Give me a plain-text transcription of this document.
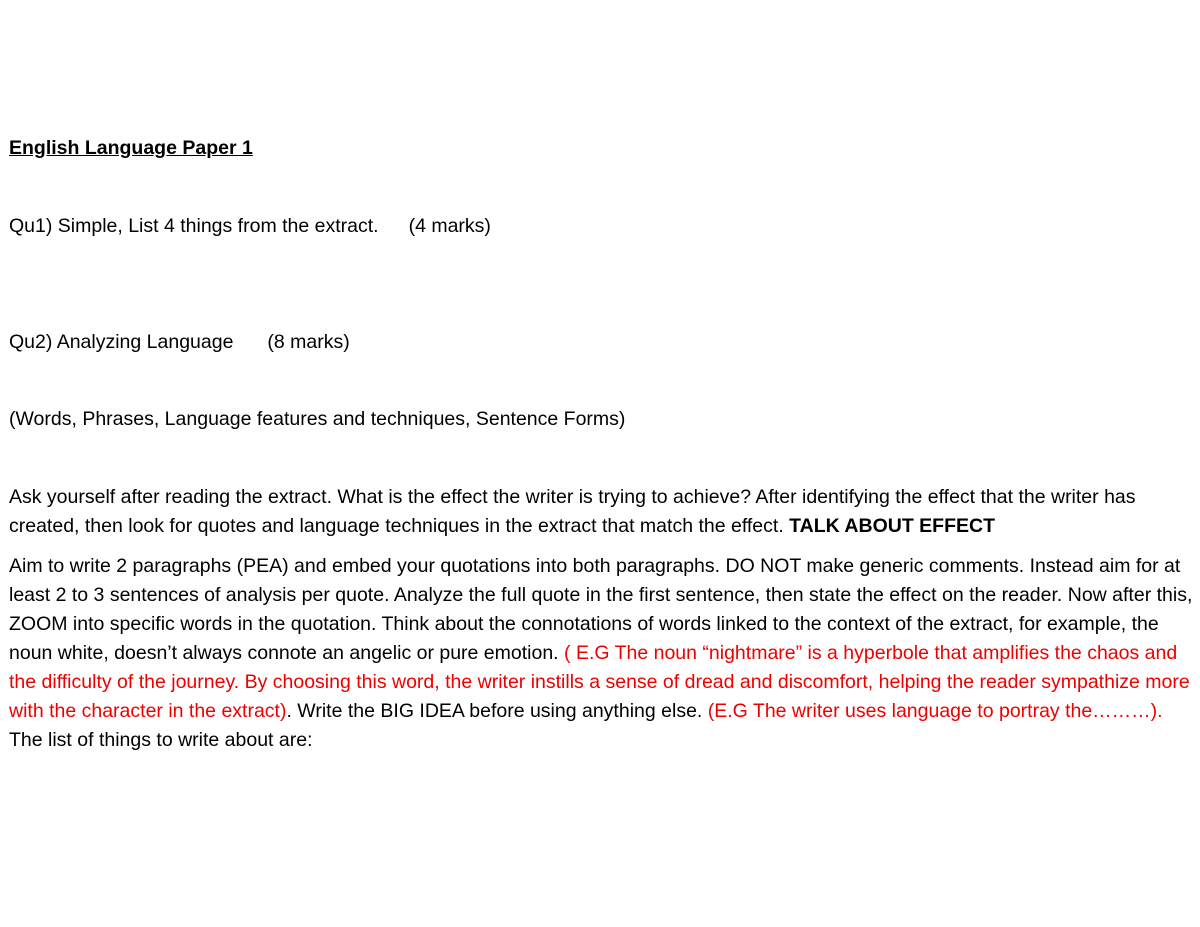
English Language Paper 1
Qu1) Simple, List 4 things from the extract. (4 marks)
Qu2) Analyzing Language (8 marks)
(Words, Phrases, Language features and techniques, Sentence Forms)

Ask yourself after reading the extract. What is the effect the writer is trying to achieve? After identifying the effect that the writer has created, then look for quotes and language techniques in the extract that match the effect. TALK ABOUT EFFECT

Aim to write 2 paragraphs (PEA) and embed your quotations into both paragraphs. DO NOT make generic comments. Instead aim for at least 2 to 3 sentences of analysis per quote. Analyze the full quote in the first sentence, then state the effect on the reader. Now after this, ZOOM into specific words in the quotation. Think about the connotations of words linked to the context of the extract, for example, the noun white, doesn’t always connote an angelic or pure emotion. ( E.G The noun “nightmare” is a hyperbole that amplifies the chaos and the difficulty of the journey. By choosing this word, the writer instills a sense of dread and discomfort, helping the reader sympathize more with the character in the extract). Write the BIG IDEA before using anything else. (E.G The writer uses language to portray the………). The list of things to write about are:
